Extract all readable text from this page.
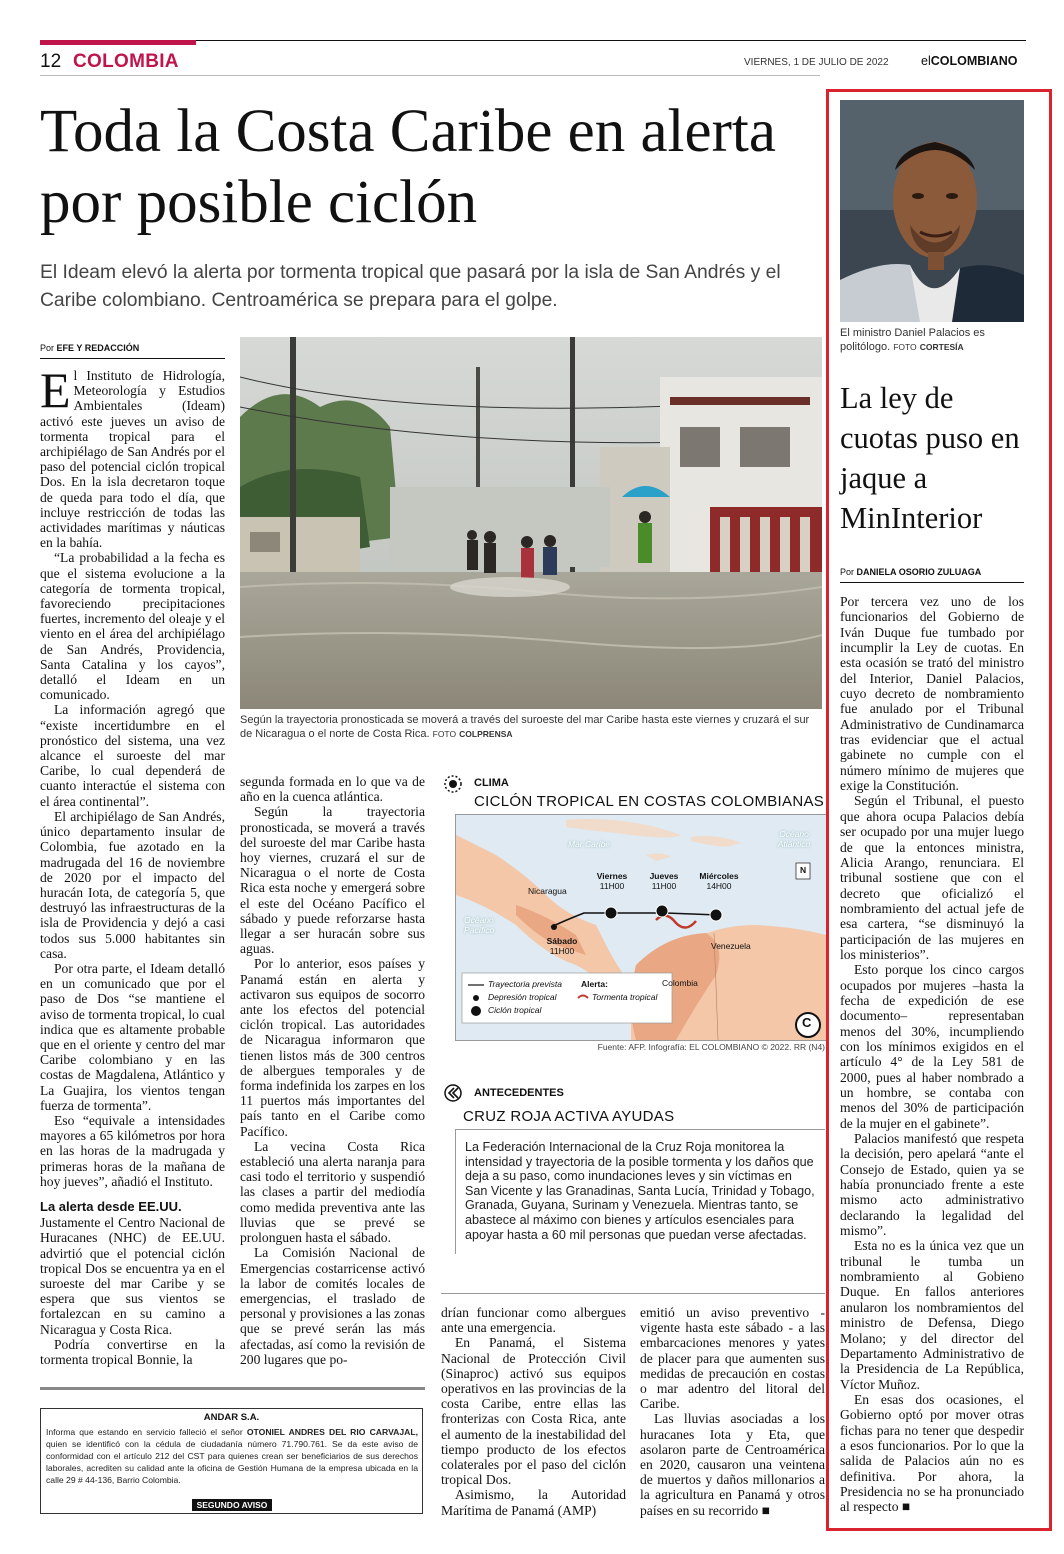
12 COLOMBIA	VIERNES, 1 DE JULIO DE 2022	elCOLOMBIANO
Toda la Costa Caribe en alerta por posible ciclón
El Ideam elevó la alerta por tormenta tropical que pasará por la isla de San Andrés y el Caribe colombiano. Centroamérica se prepara para el golpe.
Por EFE Y REDACCIÓN
Según la trayectoria pronosticada se moverá a través del suroeste del mar Caribe hasta este viernes y cruzará el sur de Nicaragua o el norte de Costa Rica. FOTO COLPRENSA

El Instituto de Hidrología, Meteorología y Estudios Ambientales (Ideam) activó este jueves un aviso de tormenta tropical para el archipiélago de San Andrés por el paso del potencial ciclón tropical Dos. En la isla decretaron toque de queda para todo el día, que incluye restricción de todas las actividades marítimas y náuticas en la bahía.

“La probabilidad a la fecha es que el sistema evolucione a la categoría de tormenta tropical, favoreciendo precipitaciones fuertes, incremento del oleaje y el viento en el área del archipiélago de San Andrés, Providencia, Santa Catalina y los cayos”, detalló el Ideam en un comunicado.

La información agregó que “existe incertidumbre en el pronóstico del sistema, una vez alcance el suroeste del mar Caribe, lo cual dependerá de cuanto interactúe el sistema con el área continental”.

El archipiélago de San Andrés, único departamento insular de Colombia, fue azotado en la madrugada del 16 de noviembre de 2020 por el impacto del huracán Iota, de categoría 5, que destruyó las infraestructuras de la isla de Providencia y dejó a casi todos sus 5.000 habitantes sin casa.

Por otra parte, el Ideam detalló en un comunicado que por el paso de Dos “se mantiene el aviso de tormenta tropical, lo cual indica que es altamente probable que en el oriente y centro del mar Caribe colombiano y en las costas de Magdalena, Atlántico y La Guajira, los vientos tengan fuerza de tormenta”.

Eso “equivale a intensidades mayores a 65 kilómetros por hora en las horas de la madrugada y primeras horas de la mañana de hoy jueves”, añadió el Instituto.

La alerta desde EE.UU.

Justamente el Centro Nacional de Huracanes (NHC) de EE.UU. advirtió que el potencial ciclón tropical Dos se encuentra ya en el suroeste del mar Caribe y se espera que sus vientos se fortalezcan en su camino a Nicaragua y Costa Rica.

Podría convertirse en la tormenta tropical Bonnie, la

segunda formada en lo que va de año en la cuenca atlántica.

Según la trayectoria pronosticada, se moverá a través del suroeste del mar Caribe hasta hoy viernes, cruzará el sur de Nicaragua o el norte de Costa Rica esta noche y emergerá sobre el este del Océano Pacífico el sábado y puede reforzarse hasta llegar a ser huracán sobre sus aguas.

Por lo anterior, esos países y Panamá están en alerta y activaron sus equipos de socorro ante los efectos del potencial ciclón tropical. Las autoridades de Nicaragua informaron que tienen listos más de 300 centros de albergues temporales y de forma indefinida los zarpes en los 11 puertos más importantes del país tanto en el Caribe como Pacífico.

La vecina Costa Rica estableció una alerta naranja para casi todo el territorio y suspendió las clases a partir del mediodía como medida preventiva ante las lluvias que se prevé se prolonguen hasta el sábado.

La Comisión Nacional de Emergencias costarricense activó la labor de comités locales de emergencias, el traslado de personal y provisiones a las zonas que se prevé serán las más afectadas, así como la revisión de 200 lugares que po-

CLIMA
CICLÓN TROPICAL EN COSTAS COLOMBIANAS
Mar Caribe
Océano Atlántico
Océano Pacífico
Nicaragua
Venezuela
Colombia
N
Viernes
11H00
Jueves
11H00
Miércoles
14H00
Sábado
11H00
Trayectoria prevista
Depresión tropical
Ciclón tropical
Alerta:
Tormenta tropical
C
Fuente: AFP. Infografía: EL COLOMBIANO © 2022. RR (N4)
ANTECEDENTES
CRUZ ROJA ACTIVA AYUDAS
La Federación Internacional de la Cruz Roja monitorea la intensidad y trayectoria de la posible tormenta y los daños que deja a su paso, como inundaciones leves y sin víctimas en San Vicente y las Granadinas, Santa Lucía, Trinidad y Tobago, Granada, Guyana, Surinam y Venezuela. Mientras tanto, se abastece al máximo con bienes y artículos esenciales para apoyar hasta a 60 mil personas que puedan verse afectadas.

drían funcionar como albergues ante una emergencia.

En Panamá, el Sistema Nacional de Protección Civil (Sinaproc) activó sus equipos operativos en las provincias de la costa Caribe, entre ellas las fronterizas con Costa Rica, ante el aumento de la inestabilidad del tiempo producto de los efectos colaterales por el paso del ciclón tropical Dos.

Asimismo, la Autoridad Marítima de Panamá (AMP)

emitió un aviso preventivo - vigente hasta este sábado - a las embarcaciones menores y yates de placer para que aumenten sus medidas de precaución en costas o mar adentro del litoral del Caribe.

Las lluvias asociadas a los huracanes Iota y Eta, que asolaron parte de Centroamérica en 2020, causaron una veintena de muertos y daños millonarios a la agricultura en Panamá y otros países en su recorrido ■

ANDAR S.A.
Informa que estando en servicio falleció el señor OTONIEL ANDRES DEL RIO CARVAJAL, quien se identificó con la cédula de ciudadanía número 71.790.761. Se da este aviso de conformidad con el artículo 212 del CST para quienes crean ser beneficiarios de sus derechos laborales, acrediten su calidad ante la oficina de Gestión Humana de la empresa ubicada en la calle 29 # 44-136, Barrio Colombia.
SEGUNDO AVISO
El ministro Daniel Palacios es politólogo. FOTO CORTESÍA
La ley de cuotas puso en jaque a MinInterior
Por DANIELA OSORIO ZULUAGA

Por tercera vez uno de los funcionarios del Gobierno de Iván Duque fue tumbado por incumplir la Ley de cuotas. En esta ocasión se trató del ministro del Interior, Daniel Palacios, cuyo decreto de nombramiento fue anulado por el Tribunal Administrativo de Cundinamarca tras evidenciar que el actual gabinete no cumple con el número mínimo de mujeres que exige la Constitución.

Según el Tribunal, el puesto que ahora ocupa Palacios debía ser ocupado por una mujer luego de que la entonces ministra, Alicia Arango, renunciara. El tribunal sostiene que con el decreto que oficializó el nombramiento del actual jefe de esa cartera, “se disminuyó la participación de las mujeres en los ministerios”.

Esto porque los cinco cargos ocupados por mujeres –hasta la fecha de expedición de ese documento– representaban menos del 30%, incumpliendo con los mínimos exigidos en el artículo 4° de la Ley 581 de 2000, pues al haber nombrado a un hombre, se contaba con menos del 30% de participación de la mujer en el gabinete”.

Palacios manifestó que respeta la decisión, pero apelará “ante el Consejo de Estado, quien ya se había pronunciado frente a este mismo acto administrativo declarando la legalidad del mismo”.

Esta no es la única vez que un tribunal le tumba un nombramiento al Gobieno Duque. En fallos anteriores anularon los nombramientos del ministro de Defensa, Diego Molano; y del director del Departamento Administrativo de la Presidencia de La República, Víctor Muñoz.

En esas dos ocasiones, el Gobierno optó por mover otras fichas para no tener que despedir a esos funcionarios. Por lo que la salida de Palacios aún no es definitiva. Por ahora, la Presidencia no se ha pronunciado al respecto ■
